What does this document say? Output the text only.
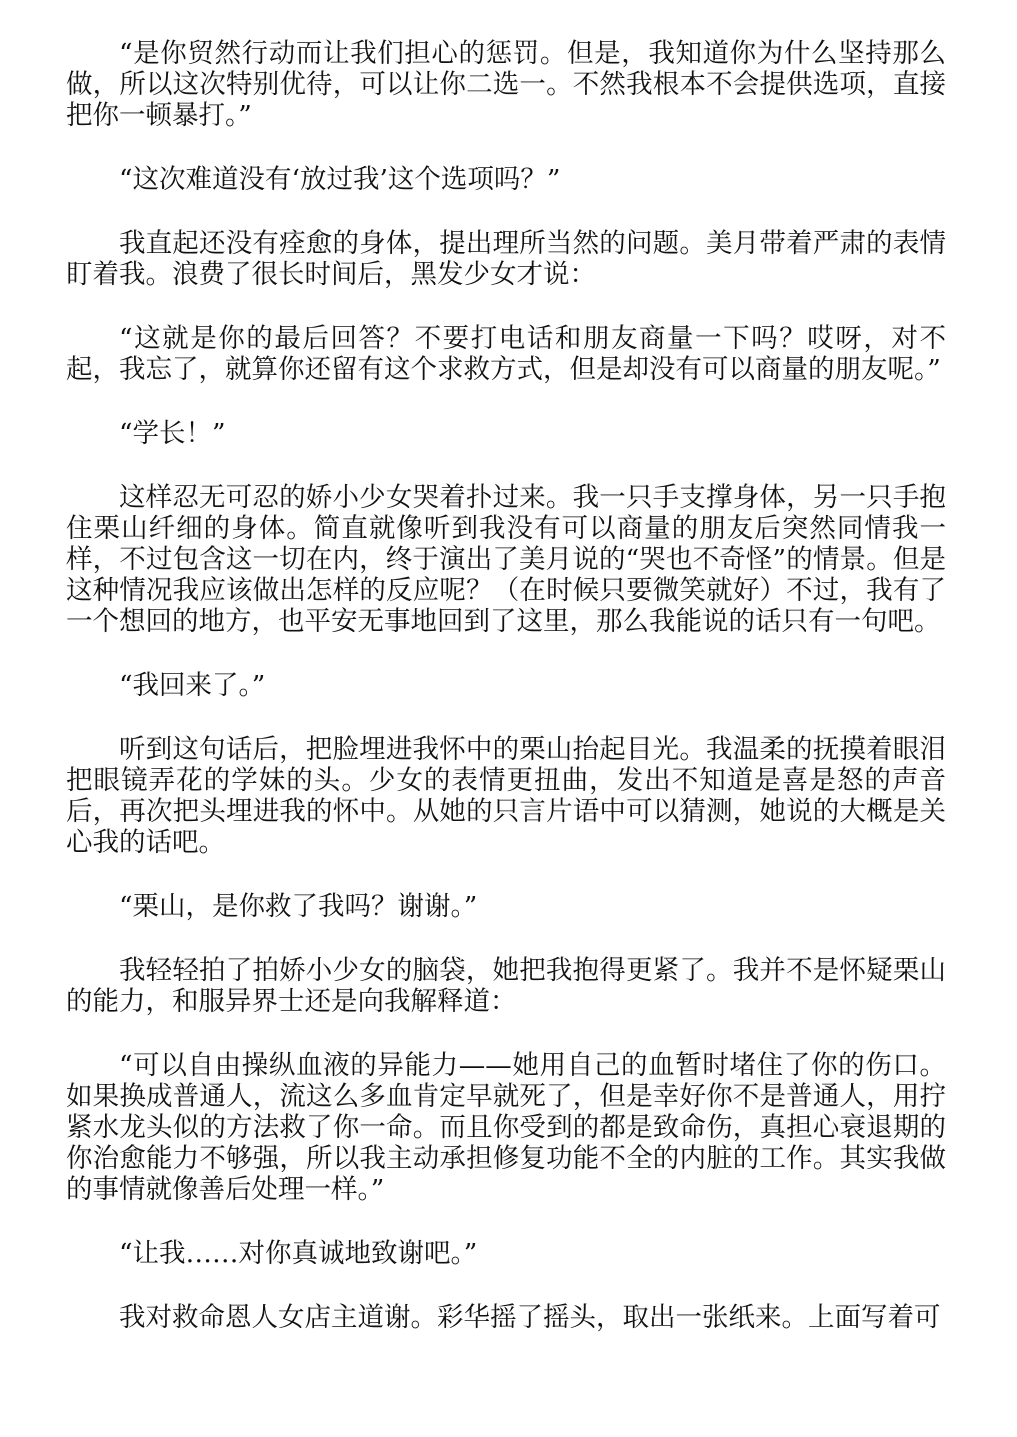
“是你贸然行动而让我们担心的惩罚。但是，我知道你为什么坚持那么做，所以这次特别优待，可以让你二选一。不然我根本不会提供选项，直接把你一顿暴打。”

“这次难道没有‘放过我’这个选项吗？”

我直起还没有痊愈的身体，提出理所当然的问题。美月带着严肃的表情盯着我。浪费了很长时间后，黑发少女才说：

“这就是你的最后回答？不要打电话和朋友商量一下吗？哎呀，对不起，我忘了，就算你还留有这个求救方式，但是却没有可以商量的朋友呢。”

“学长！”

这样忍无可忍的娇小少女哭着扑过来。我一只手支撑身体，另一只手抱住栗山纤细的身体。简直就像听到我没有可以商量的朋友后突然同情我一样，不过包含这一切在内，终于演出了美月说的“哭也不奇怪”的情景。但是这种情况我应该做出怎样的反应呢？（在时候只要微笑就好）不过，我有了一个想回的地方，也平安无事地回到了这里，那么我能说的话只有一句吧。

“我回来了。”

听到这句话后，把脸埋进我怀中的栗山抬起目光。我温柔的抚摸着眼泪把眼镜弄花的学妹的头。少女的表情更扭曲，发出不知道是喜是怒的声音后，再次把头埋进我的怀中。从她的只言片语中可以猜测，她说的大概是关心我的话吧。

“栗山，是你救了我吗？谢谢。”

我轻轻拍了拍娇小少女的脑袋，她把我抱得更紧了。我并不是怀疑栗山的能力，和服异界士还是向我解释道：

“可以自由操纵血液的异能力——她用自己的血暂时堵住了你的伤口。如果换成普通人，流这么多血肯定早就死了，但是幸好你不是普通人，用拧紧水龙头似的方法救了你一命。而且你受到的都是致命伤，真担心衰退期的你治愈能力不够强，所以我主动承担修复功能不全的内脏的工作。其实我做的事情就像善后处理一样。”

“让我……对你真诚地致谢吧。”

我对救命恩人女店主道谢。彩华摇了摇头，取出一张纸来。上面写着可
